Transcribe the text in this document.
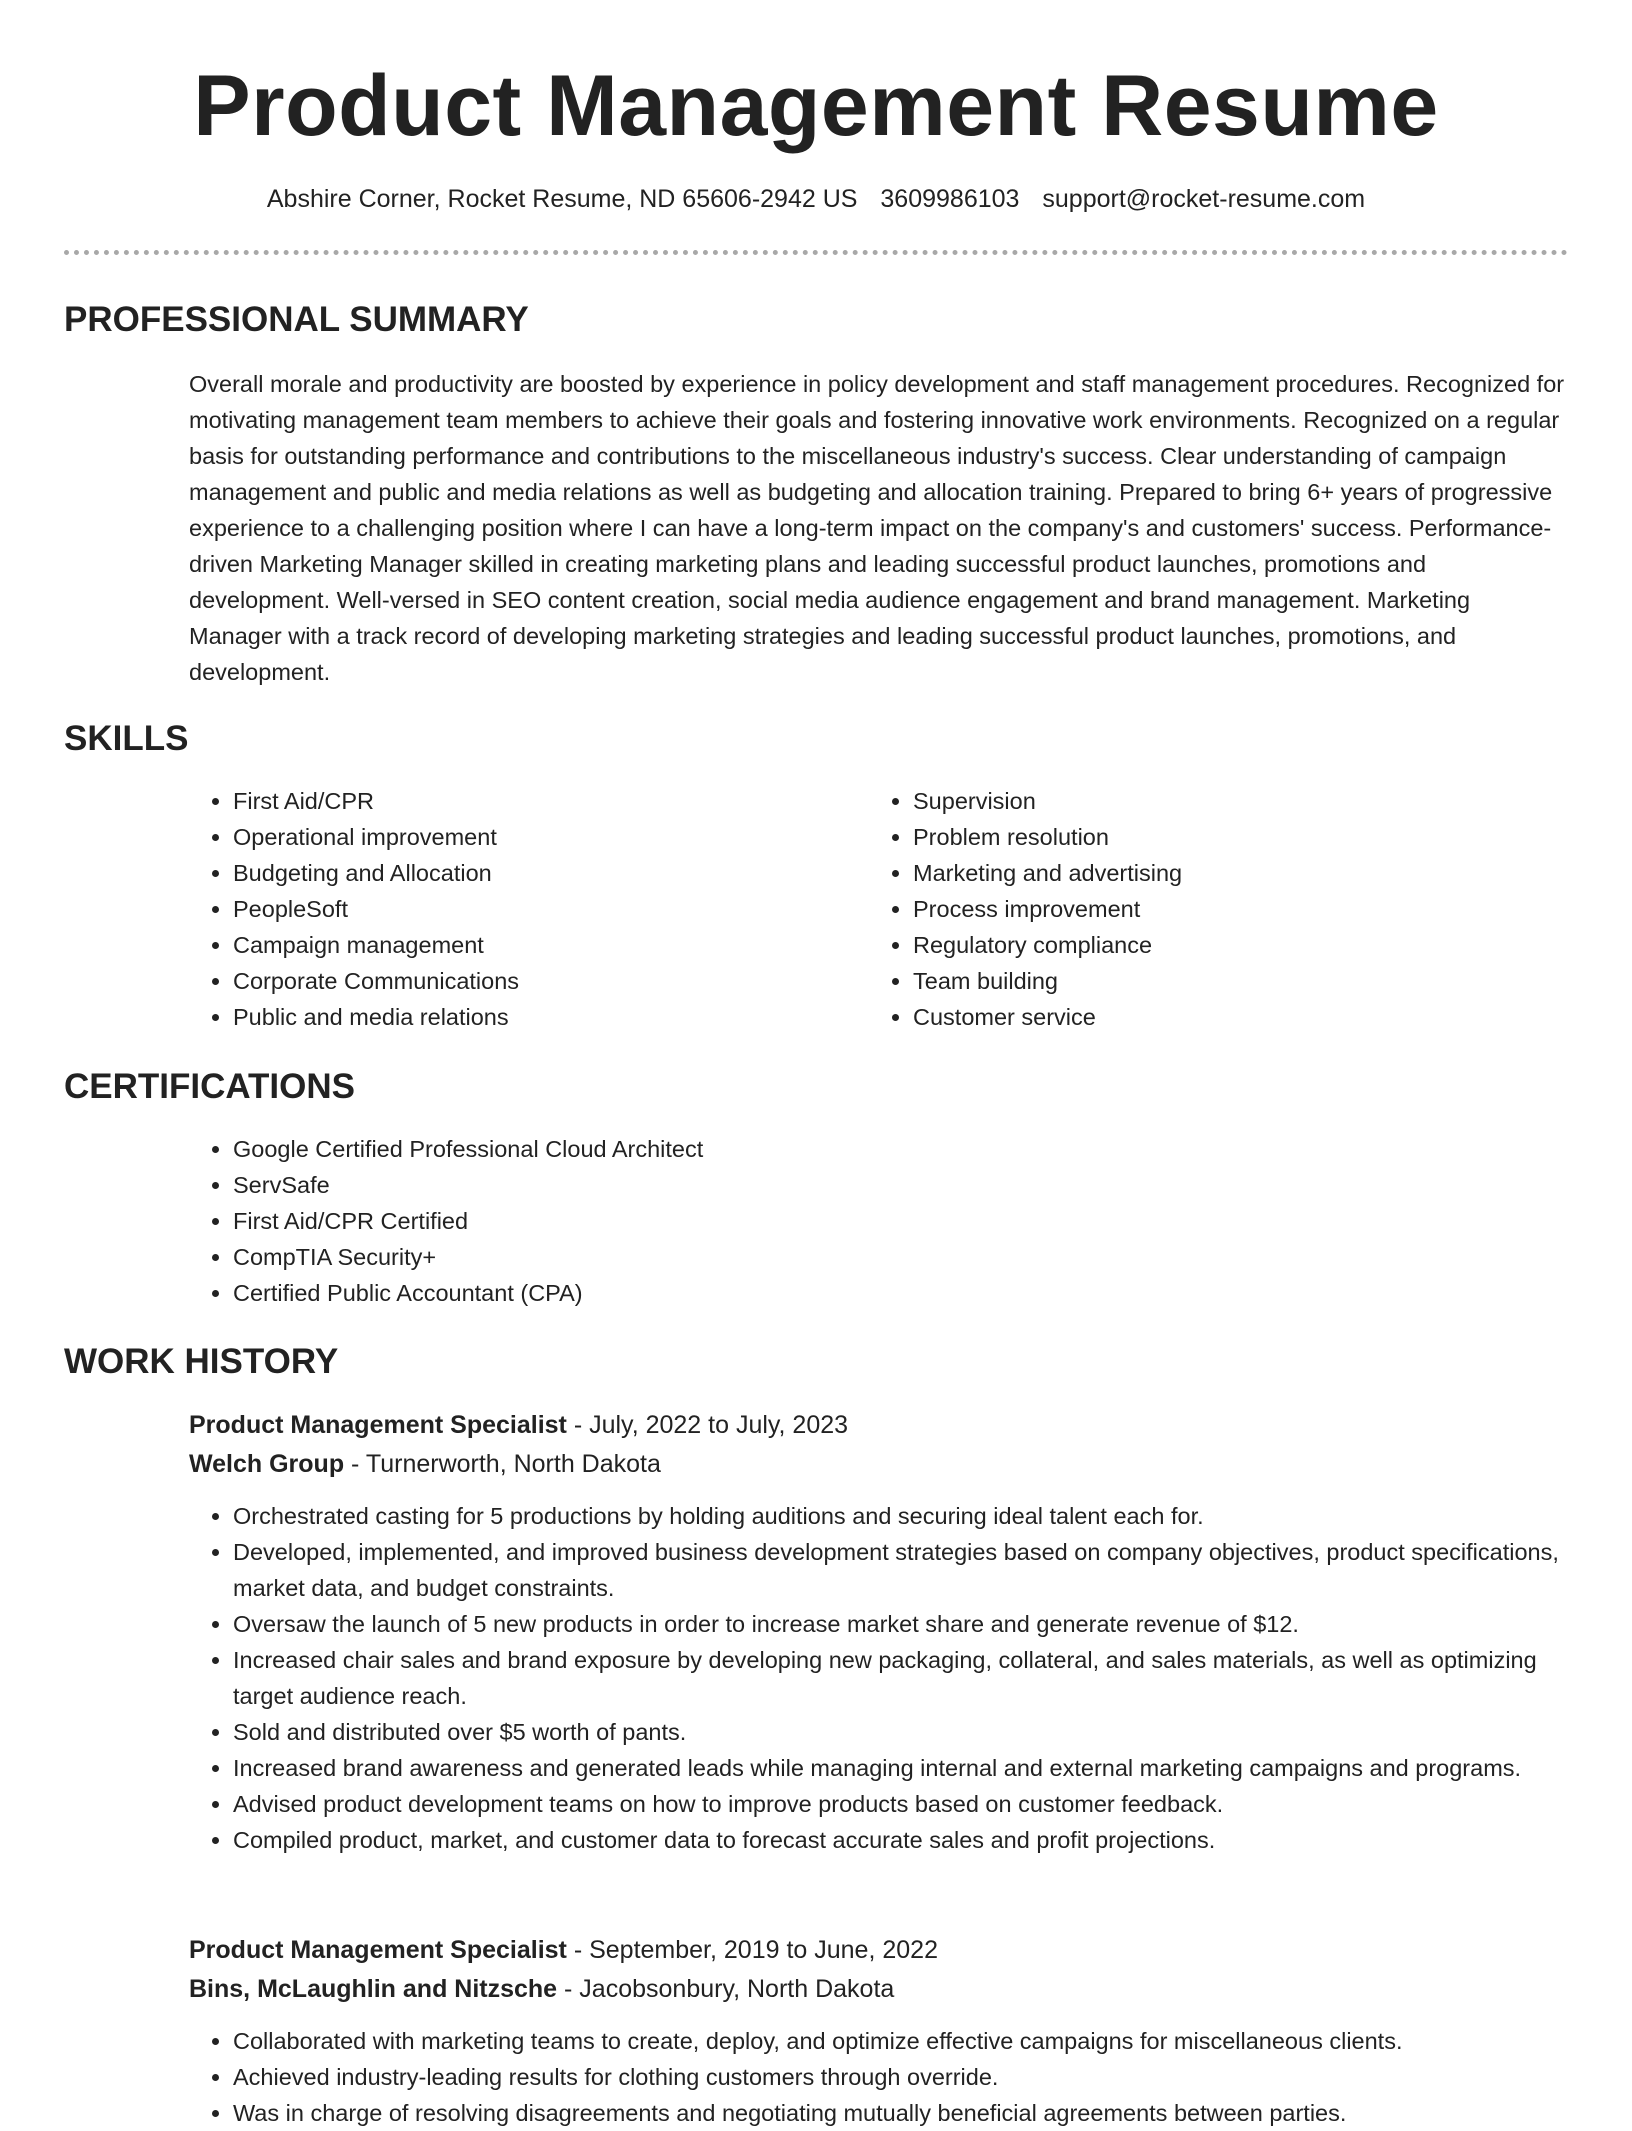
Product Management Resume
Abshire Corner, Rocket Resume, ND 65606-2942 US 3609986103 support@rocket-resume.com
PROFESSIONAL SUMMARY

Overall morale and productivity are boosted by experience in policy development and staff management procedures. Recognized for motivating management team members to achieve their goals and fostering innovative work environments. Recognized on a regular basis for outstanding performance and contributions to the miscellaneous industry's success. Clear understanding of campaign management and public and media relations as well as budgeting and allocation training. Prepared to bring 6+ years of progressive experience to a challenging position where I can have a long-term impact on the company's and customers' success. Performance-driven Marketing Manager skilled in creating marketing plans and leading successful product launches, promotions and development. Well-versed in SEO content creation, social media audience engagement and brand management. Marketing Manager with a track record of developing marketing strategies and leading successful product launches, promotions, and development.

SKILLS
• First Aid/CPR
• Operational improvement
• Budgeting and Allocation
• PeopleSoft
• Campaign management
• Corporate Communications
• Public and media relations
• Supervision
• Problem resolution
• Marketing and advertising
• Process improvement
• Regulatory compliance
• Team building
• Customer service
CERTIFICATIONS
• Google Certified Professional Cloud Architect
• ServSafe
• First Aid/CPR Certified
• CompTIA Security+
• Certified Public Accountant (CPA)
WORK HISTORY
Product Management Specialist - July, 2022 to July, 2023
Welch Group - Turnerworth, North Dakota
• Orchestrated casting for 5 productions by holding auditions and securing ideal talent each for.
• Developed, implemented, and improved business development strategies based on company objectives, product specifications, market data, and budget constraints.
• Oversaw the launch of 5 new products in order to increase market share and generate revenue of $12.
• Increased chair sales and brand exposure by developing new packaging, collateral, and sales materials, as well as optimizing target audience reach.
• Sold and distributed over $5 worth of pants.
• Increased brand awareness and generated leads while managing internal and external marketing campaigns and programs.
• Advised product development teams on how to improve products based on customer feedback.
• Compiled product, market, and customer data to forecast accurate sales and profit projections.
Product Management Specialist - September, 2019 to June, 2022
Bins, McLaughlin and Nitzsche - Jacobsonbury, North Dakota
• Collaborated with marketing teams to create, deploy, and optimize effective campaigns for miscellaneous clients.
• Achieved industry-leading results for clothing customers through override.
• Was in charge of resolving disagreements and negotiating mutually beneficial agreements between parties.
